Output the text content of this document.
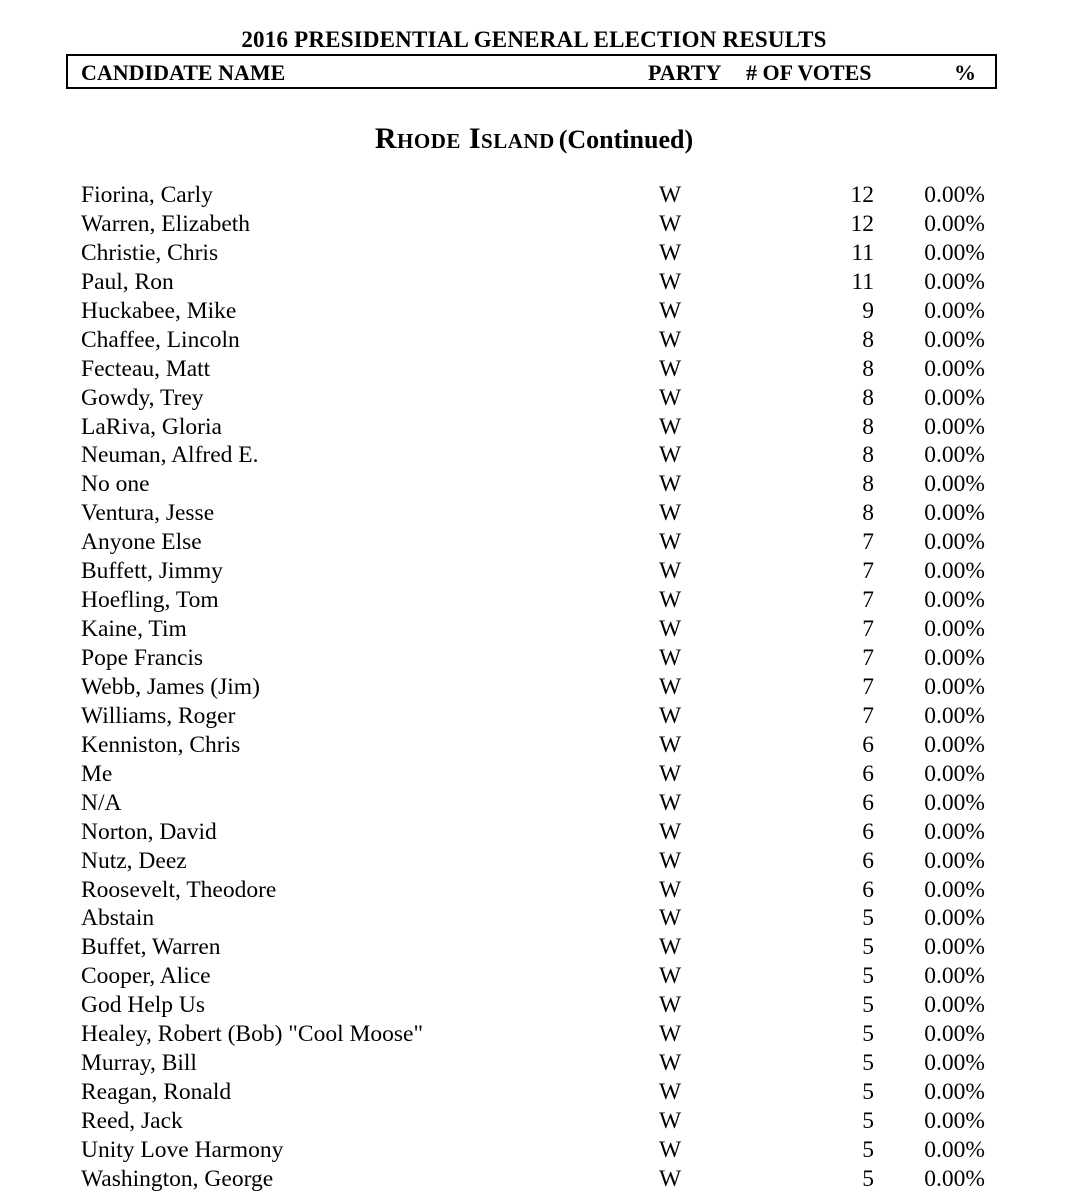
2016 PRESIDENTIAL GENERAL ELECTION RESULTS
CANDIDATE NAME	PARTY # OF VOTES	%
Rhode Island (Continued)
Fiorina, Carly	W	12	0.00%
Warren, Elizabeth	W	12	0.00%
Christie, Chris	W	11	0.00%
Paul, Ron	W	11	0.00%
Huckabee, Mike	W	9	0.00%
Chaffee, Lincoln	W	8	0.00%
Fecteau, Matt	W	8	0.00%
Gowdy, Trey	W	8	0.00%
LaRiva, Gloria	W	8	0.00%
Neuman, Alfred E.	W	8	0.00%
No one	W	8	0.00%
Ventura, Jesse	W	8	0.00%
Anyone Else	W	7	0.00%
Buffett, Jimmy	W	7	0.00%
Hoefling, Tom	W	7	0.00%
Kaine, Tim	W	7	0.00%
Pope Francis	W	7	0.00%
Webb, James (Jim)	W	7	0.00%
Williams, Roger	W	7	0.00%
Kenniston, Chris	W	6	0.00%
Me	W	6	0.00%
N/A	W	6	0.00%
Norton, David	W	6	0.00%
Nutz, Deez	W	6	0.00%
Roosevelt, Theodore	W	6	0.00%
Abstain	W	5	0.00%
Buffet, Warren	W	5	0.00%
Cooper, Alice	W	5	0.00%
God Help Us	W	5	0.00%
Healey, Robert (Bob) "Cool Moose"	W	5	0.00%
Murray, Bill	W	5	0.00%
Reagan, Ronald	W	5	0.00%
Reed, Jack	W	5	0.00%
Unity Love Harmony	W	5	0.00%
Washington, George	W	5	0.00%
